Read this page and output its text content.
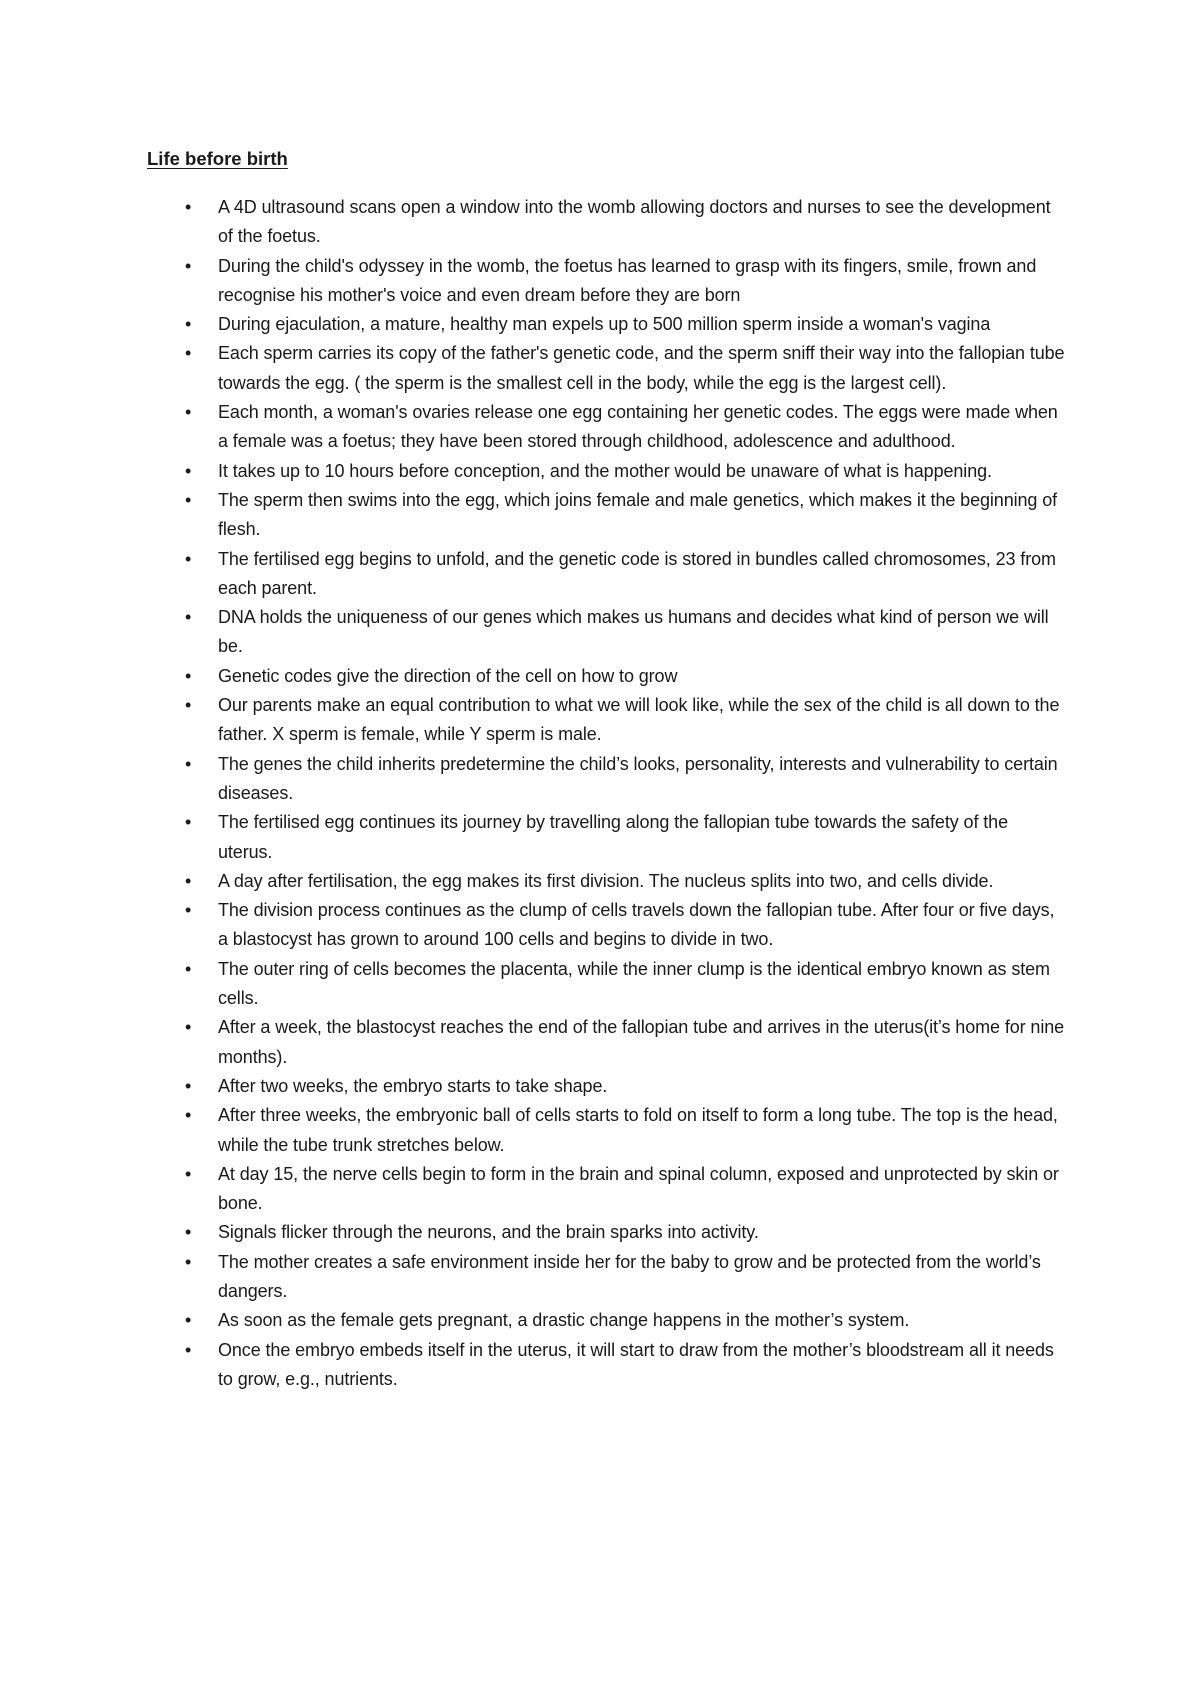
Life before birth
• A 4D ultrasound scans open a window into the womb allowing doctors and nurses to see the development of the foetus.
• During the child's odyssey in the womb, the foetus has learned to grasp with its fingers, smile, frown and recognise his mother's voice and even dream before they are born
• During ejaculation, a mature, healthy man expels up to 500 million sperm inside a woman's vagina
• Each sperm carries its copy of the father's genetic code, and the sperm sniff their way into the fallopian tube towards the egg. ( the sperm is the smallest cell in the body, while the egg is the largest cell).
• Each month, a woman's ovaries release one egg containing her genetic codes. The eggs were made when a female was a foetus; they have been stored through childhood, adolescence and adulthood.
• It takes up to 10 hours before conception, and the mother would be unaware of what is happening.
• The sperm then swims into the egg, which joins female and male genetics, which makes it the beginning of flesh.
• The fertilised egg begins to unfold, and the genetic code is stored in bundles called chromosomes, 23 from each parent.
• DNA holds the uniqueness of our genes which makes us humans and decides what kind of person we will be.
• Genetic codes give the direction of the cell on how to grow
• Our parents make an equal contribution to what we will look like, while the sex of the child is all down to the father. X sperm is female, while Y sperm is male.
• The genes the child inherits predetermine the child’s looks, personality, interests and vulnerability to certain diseases.
• The fertilised egg continues its journey by travelling along the fallopian tube towards the safety of the uterus.
• A day after fertilisation, the egg makes its first division. The nucleus splits into two, and cells divide.
• The division process continues as the clump of cells travels down the fallopian tube. After four or five days, a blastocyst has grown to around 100 cells and begins to divide in two.
• The outer ring of cells becomes the placenta, while the inner clump is the identical embryo known as stem cells.
• After a week, the blastocyst reaches the end of the fallopian tube and arrives in the uterus(it’s home for nine months).
• After two weeks, the embryo starts to take shape.
• After three weeks, the embryonic ball of cells starts to fold on itself to form a long tube. The top is the head, while the tube trunk stretches below.
• At day 15, the nerve cells begin to form in the brain and spinal column, exposed and unprotected by skin or bone.
• Signals flicker through the neurons, and the brain sparks into activity.
• The mother creates a safe environment inside her for the baby to grow and be protected from the world’s dangers.
• As soon as the female gets pregnant, a drastic change happens in the mother’s system.
• Once the embryo embeds itself in the uterus, it will start to draw from the mother’s bloodstream all it needs to grow, e.g., nutrients.
